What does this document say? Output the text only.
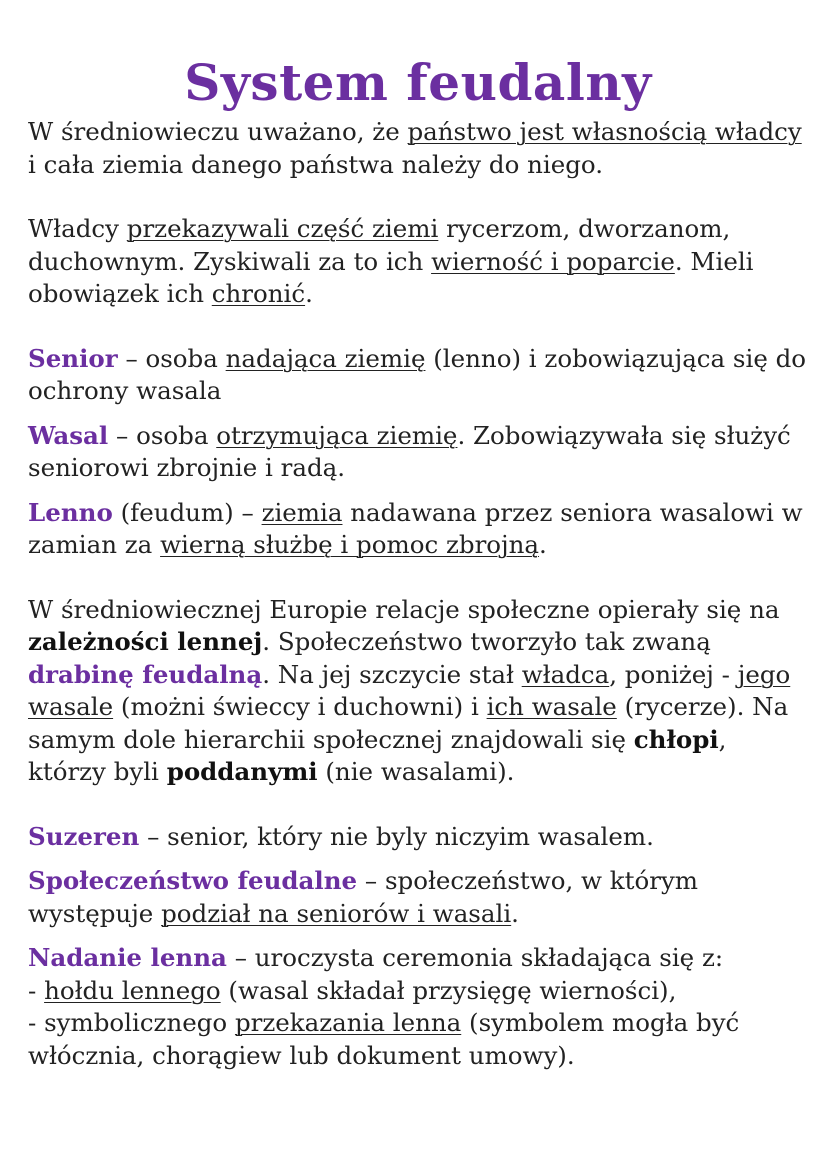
System feudalny

W średniowieczu uważano, że państwo jest własnością władcy i cała ziemia danego państwa należy do niego.

Władcy przekazywali część ziemi rycerzom, dworzanom, duchownym. Zyskiwali za to ich wierność i poparcie. Mieli obowiązek ich chronić.

Senior – osoba nadająca ziemię (lenno) i zobowiązująca się do ochrony wasala

Wasal – osoba otrzymująca ziemię. Zobowiązywała się służyć seniorowi zbrojnie i radą.

Lenno (feudum) – ziemia nadawana przez seniora wasalowi w zamian za wierną służbę i pomoc zbrojną.

W średniowiecznej Europie relacje społeczne opierały się na zależności lennej. Społeczeństwo tworzyło tak zwaną drabinę feudalną. Na jej szczycie stał władca, poniżej - jego wasale (możni świeccy i duchowni) i ich wasale (rycerze). Na samym dole hierarchii społecznej znajdowali się chłopi, którzy byli poddanymi (nie wasalami).

Suzeren – senior, który nie byly niczyim wasalem.

Społeczeństwo feudalne – społeczeństwo, w którym występuje podział na seniorów i wasali.

Nadanie lenna – uroczysta ceremonia składająca się z:

- hołdu lennego (wasal składał przysięgę wierności),

- symbolicznego przekazania lenna (symbolem mogła być włócznia, chorągiew lub dokument umowy).
